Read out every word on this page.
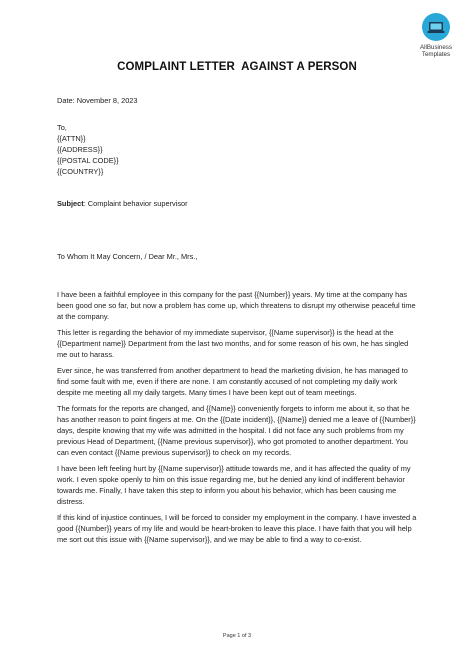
AllBusiness
Templates
COMPLAINT LETTER  AGAINST A PERSON
Date: November 8, 2023
To,
{{ATTN}}
{{ADDRESS}}
{{POSTAL CODE}}
{{COUNTRY}}
Subject: Complaint behavior supervisor
To Whom It May Concern, / Dear Mr., Mrs.,

I have been a faithful employee in this company for the past {{Number}} years. My time at the company has been good one so far, but now a problem has come up, which threatens to disrupt my otherwise peaceful time at the company.

This letter is regarding the behavior of my immediate supervisor, {{Name supervisor}} is the head at the {{Department name}} Department from the last two months, and for some reason of his own, he has singled me out to harass.

Ever since, he was transferred from another department to head the marketing division, he has managed to find some fault with me, even if there are none. I am constantly accused of not completing my daily work despite me meeting all my daily targets. Many times I have been kept out of team meetings.

The formats for the reports are changed, and {{Name}} conveniently forgets to inform me about it, so that he has another reason to point fingers at me. On the {{Date incident}}, {{Name}} denied me a leave of {{Number}} days, despite knowing that my wife was admitted in the hospital. I did not face any such problems from my previous Head of Department, {{Name previous supervisor}}, who got promoted to another department. You can even contact {{Name previous supervisor}} to check on my records.

I have been left feeling hurt by {{Name supervisor}} attitude towards me, and it has affected the quality of my work. I even spoke openly to him on this issue regarding me, but he denied any kind of indifferent behavior towards me. Finally, I have taken this step to inform you about his behavior, which has been causing me distress.

If this kind of injustice continues, I will be forced to consider my employment in the company. I have invested a good {{Number}} years of my life and would be heart-broken to leave this place. I have faith that you will help me sort out this issue with {{Name supervisor}}, and we may be able to find a way to co-exist.

Page 1 of 3
